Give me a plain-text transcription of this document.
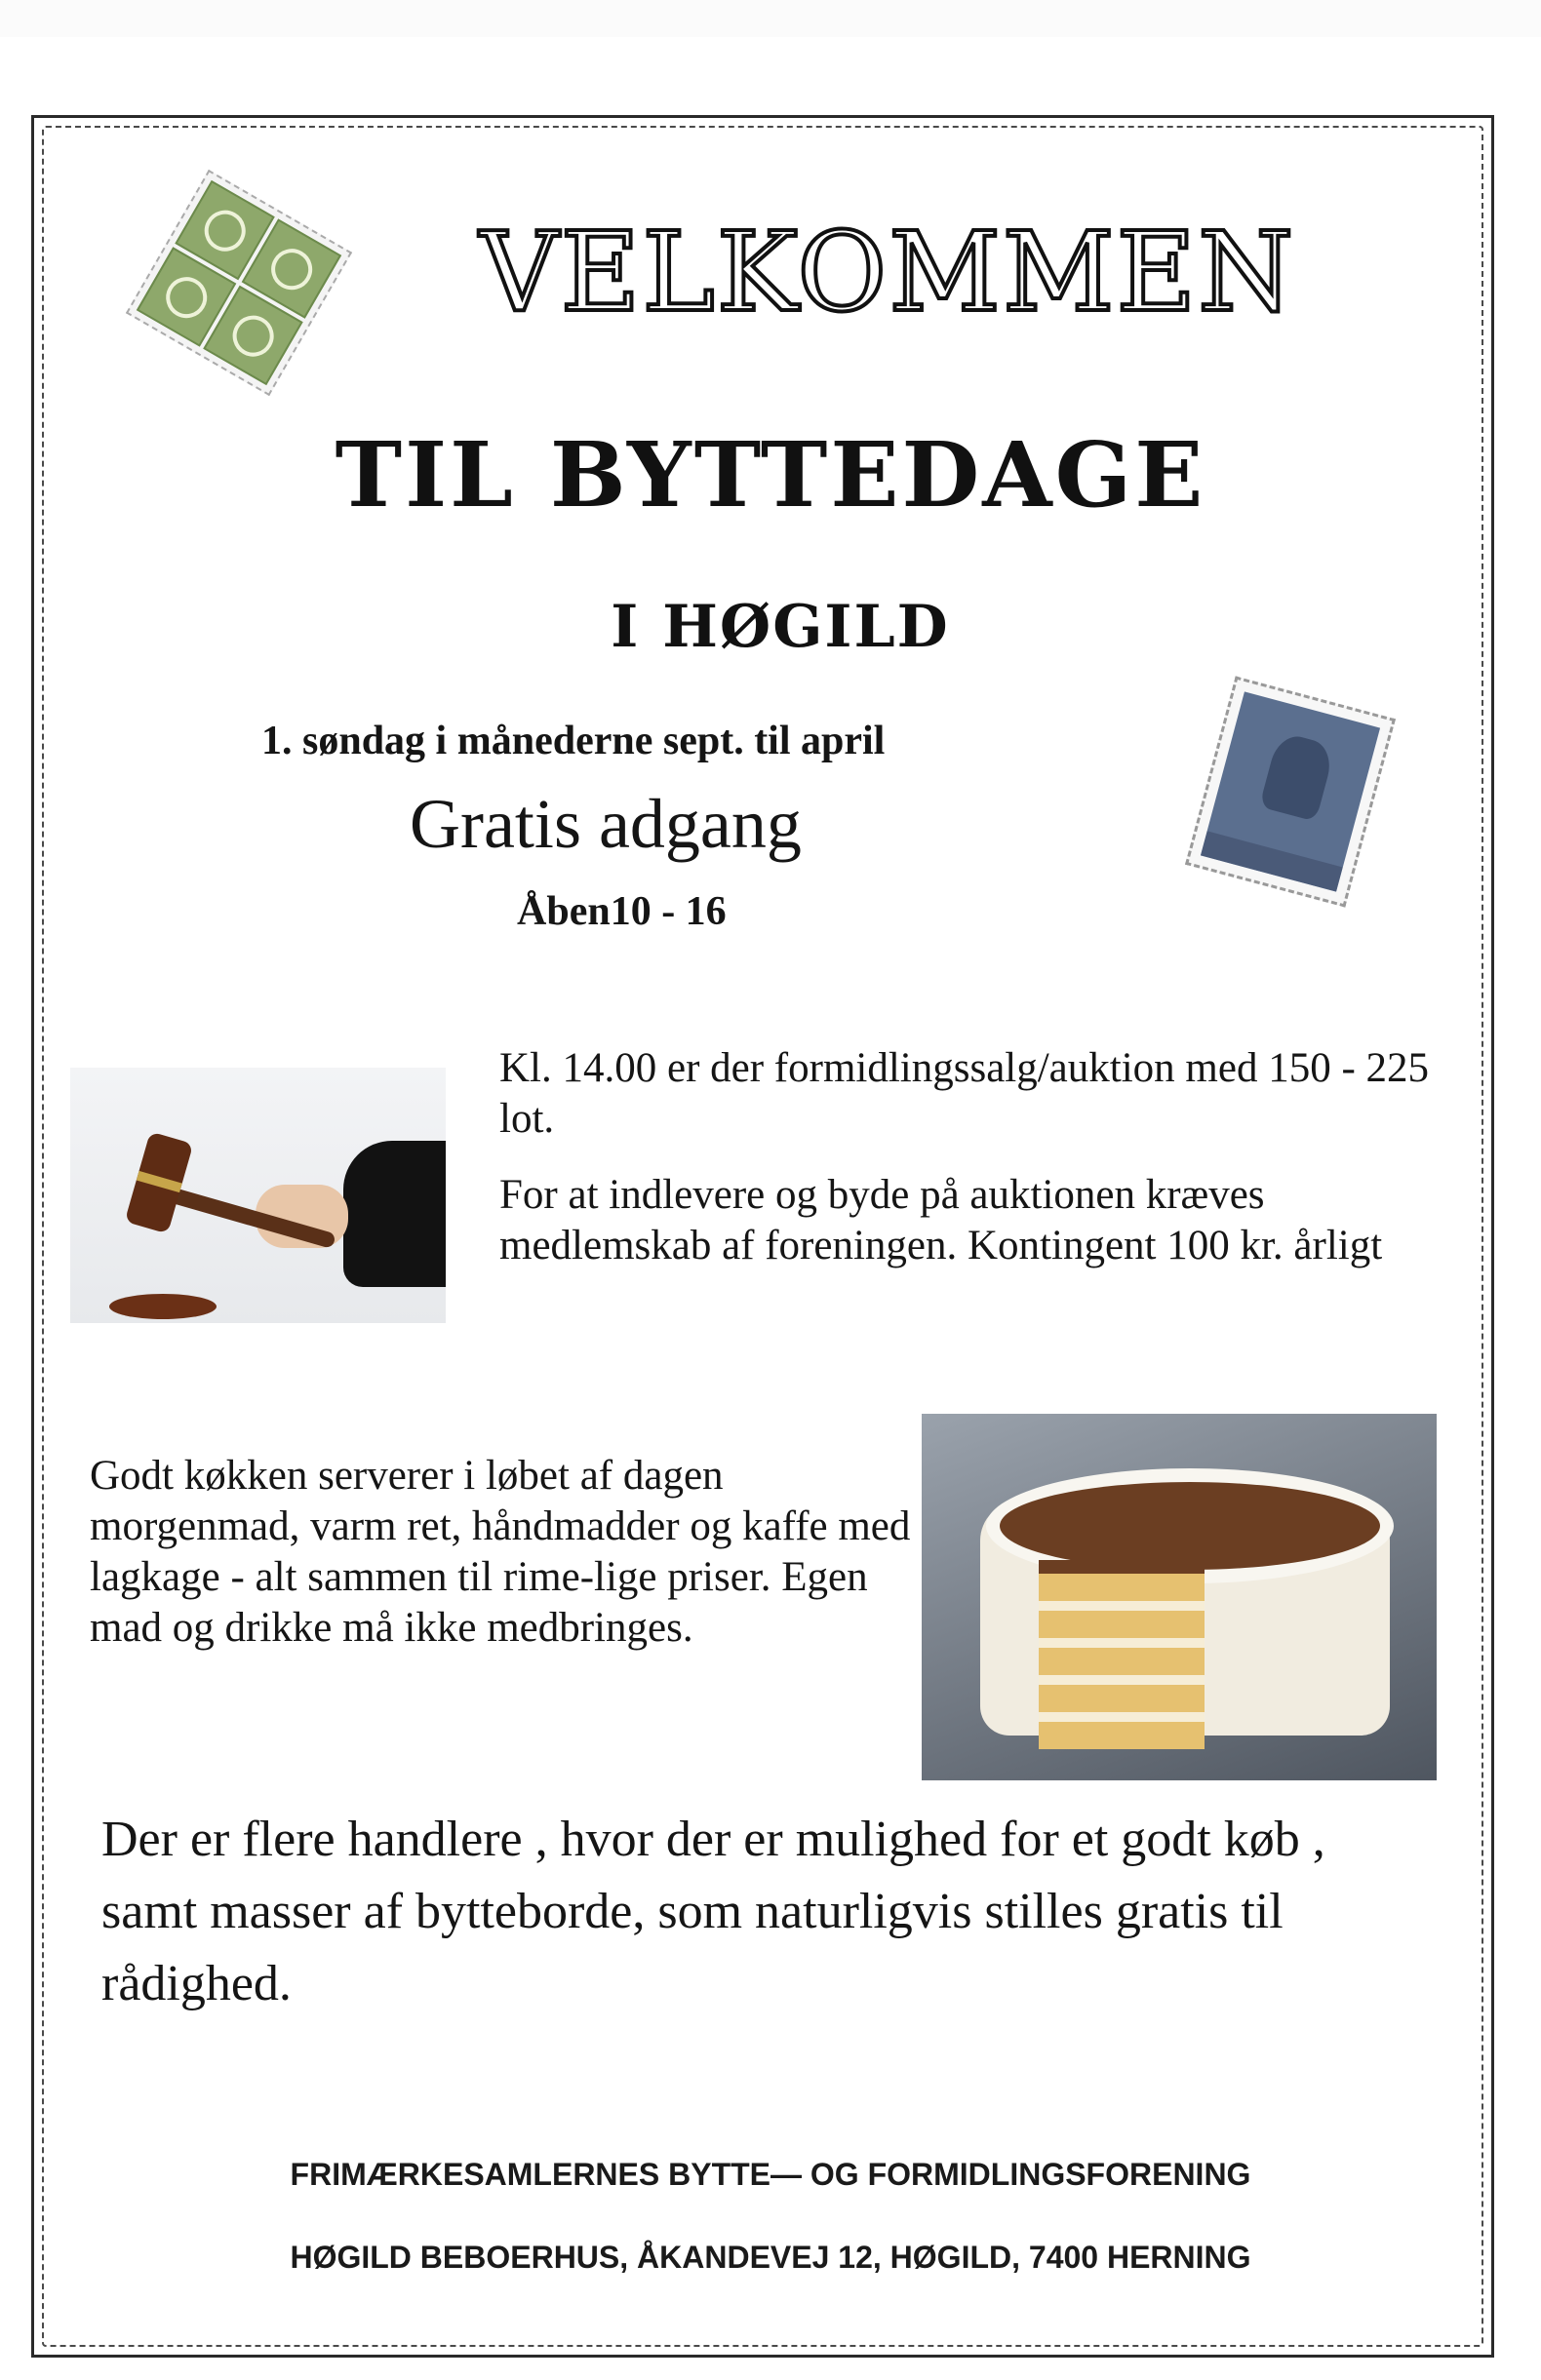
VELKOMMEN
TIL BYTTEDAGE
I HØGILD
1. søndag i månederne sept. til april
Gratis adgang
Åben10 - 16
Kl. 14.00 er der formidlingssalg/auktion med 150 - 225 lot.
For at indlevere og byde på auktionen kræves medlemskab af foreningen. Kontingent 100 kr. årligt
Godt køkken serverer i løbet af dagen morgenmad, varm ret, håndmadder og kaffe med lagkage - alt sammen til rime-lige priser. Egen mad og drikke må ikke medbringes.
Der er flere handlere , hvor der er mulighed for et godt køb , samt masser af bytteborde, som naturligvis stilles gratis til rådighed.
FRIMÆRKESAMLERNES BYTTE— OG FORMIDLINGSFORENING
HØGILD BEBOERHUS, ÅKANDEVEJ 12, HØGILD, 7400 HERNING
